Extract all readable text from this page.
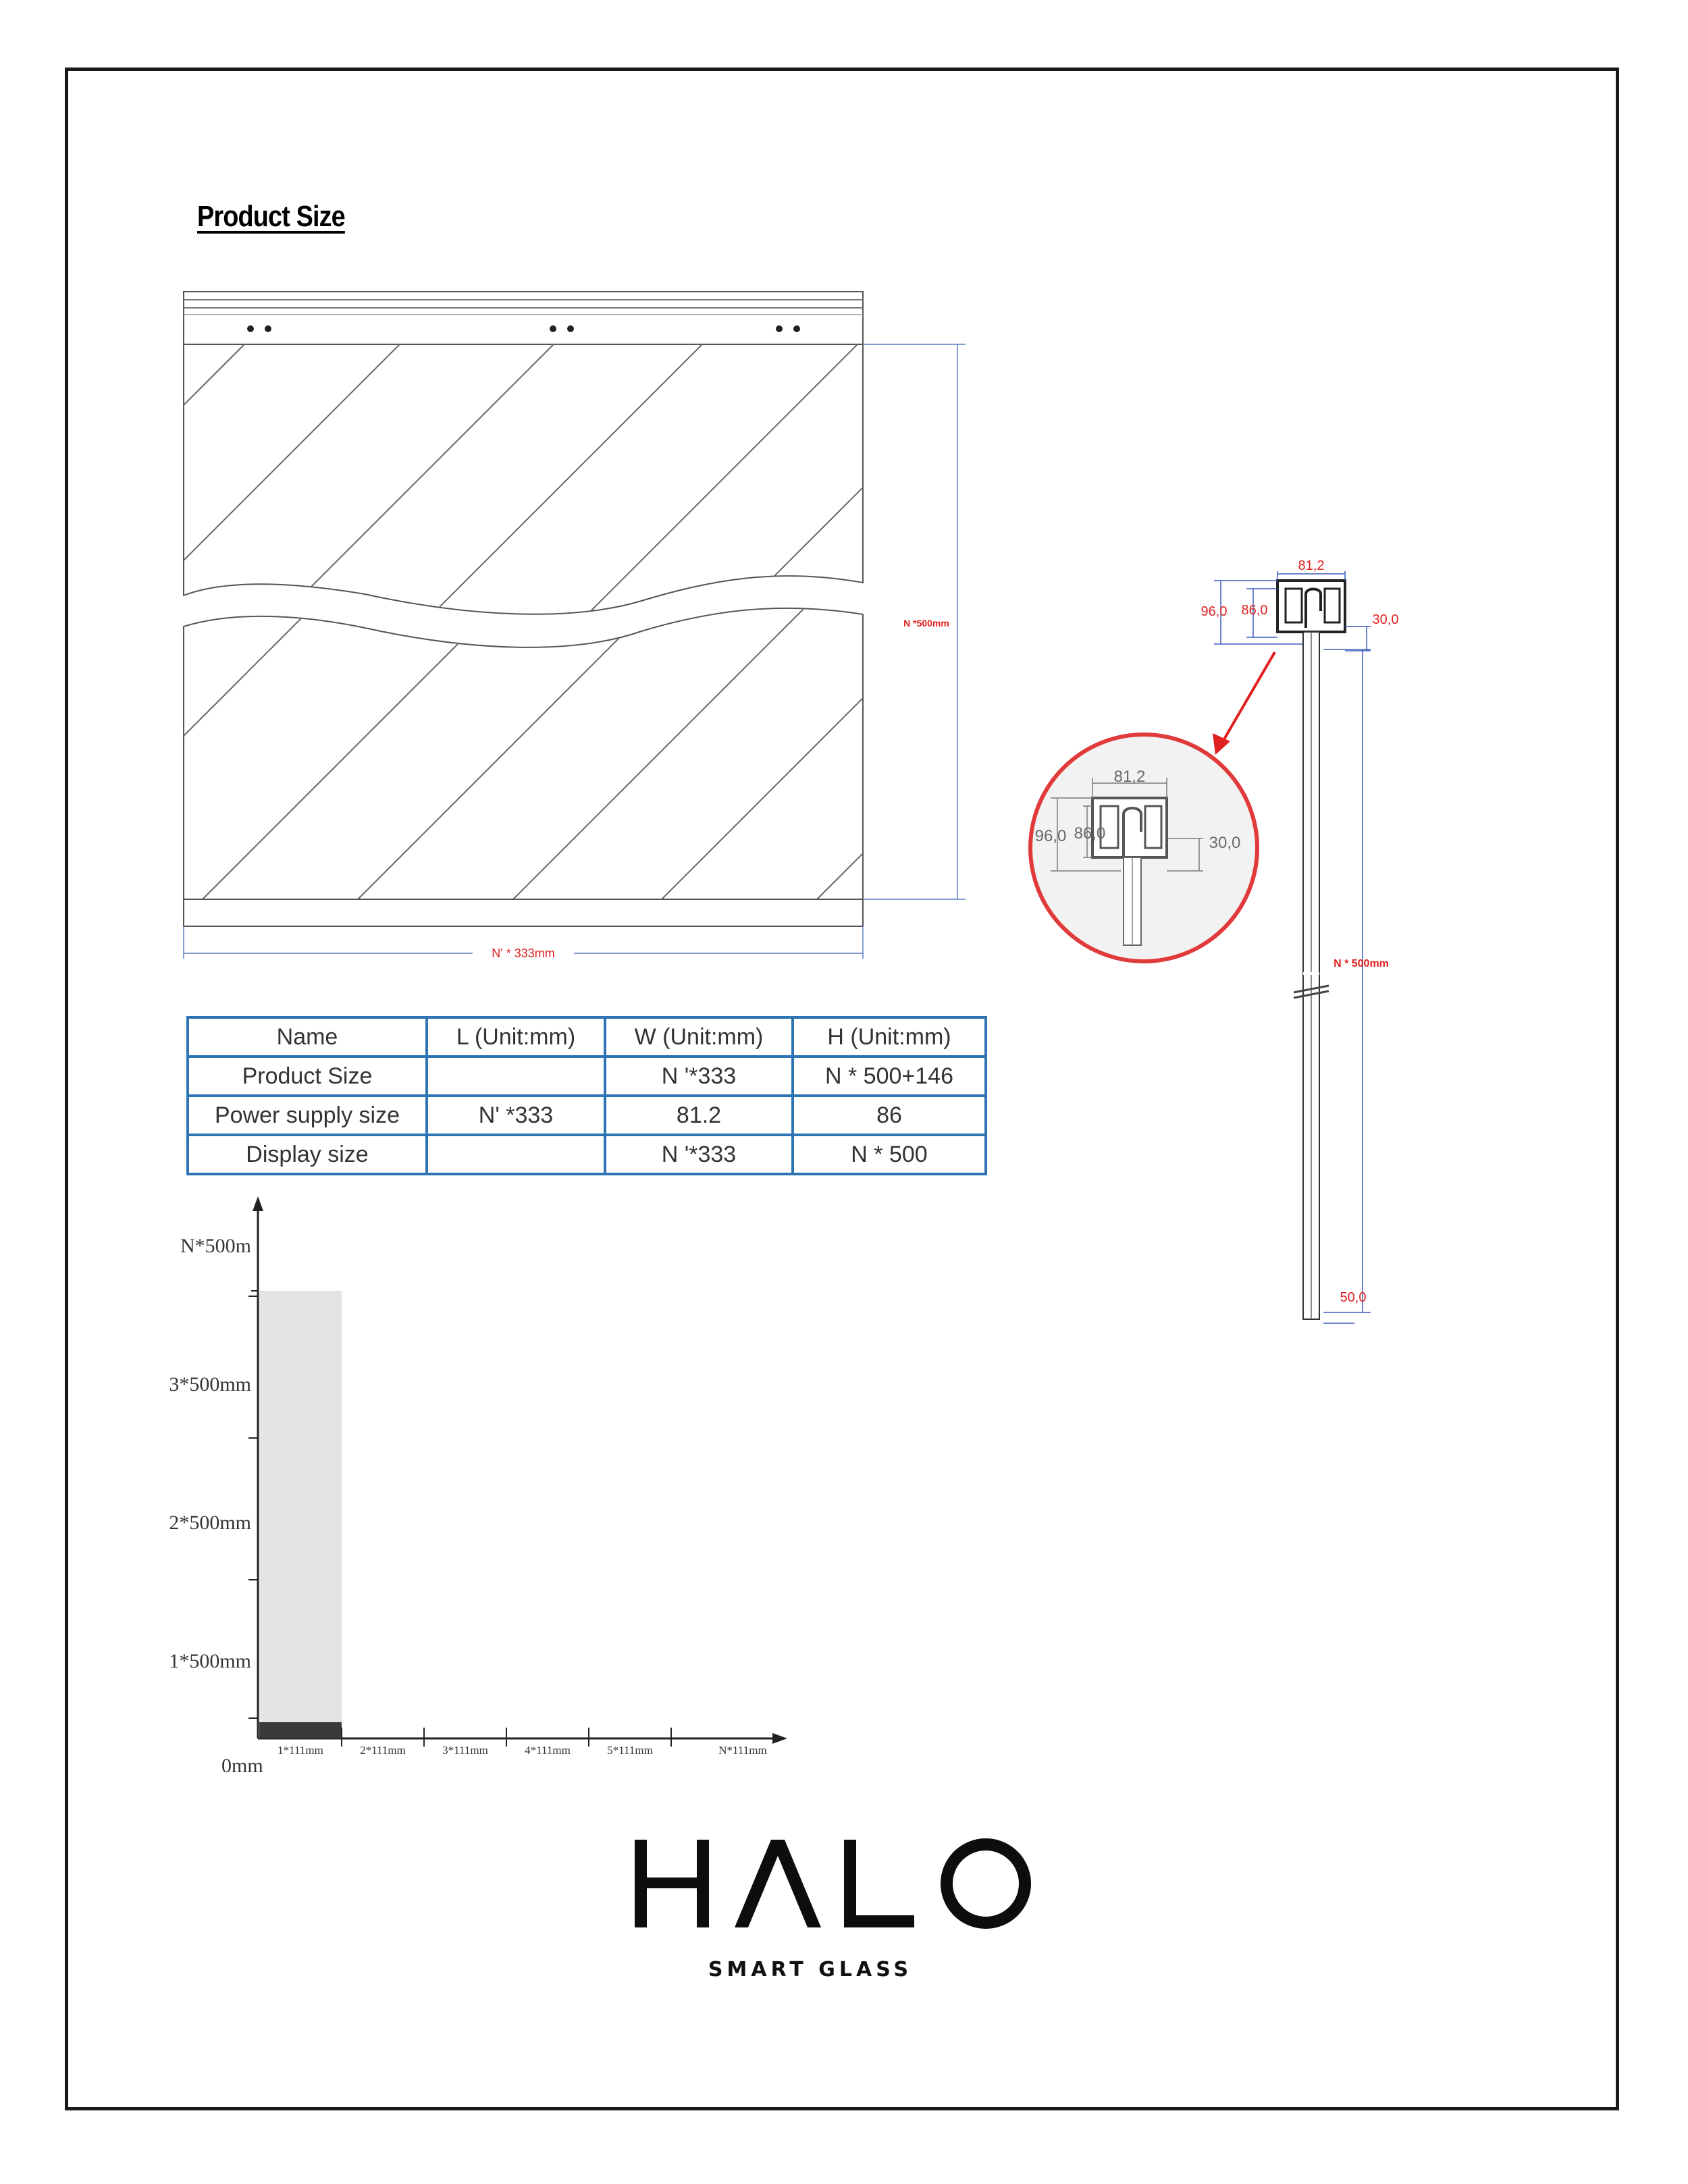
Product Size
N *500mm
N' * 333mm
81,2
96,0 86,0
30,0
N * 500mm
50,0
81,2
96,0 86,0
30,0
Name	L (Unit:mm)	W (Unit:mm)	H (Unit:mm)
Product Size		N '*333	N * 500+146
Power supply size	N' *333	81.2	86
Display size		N '*333	N * 500
N*500m
3*500mm
2*500mm
1*500mm
0mm
1*111mm	2*111mm	3*111mm	4*111mm	5*111mm	N*111mm
SMART GLASS
